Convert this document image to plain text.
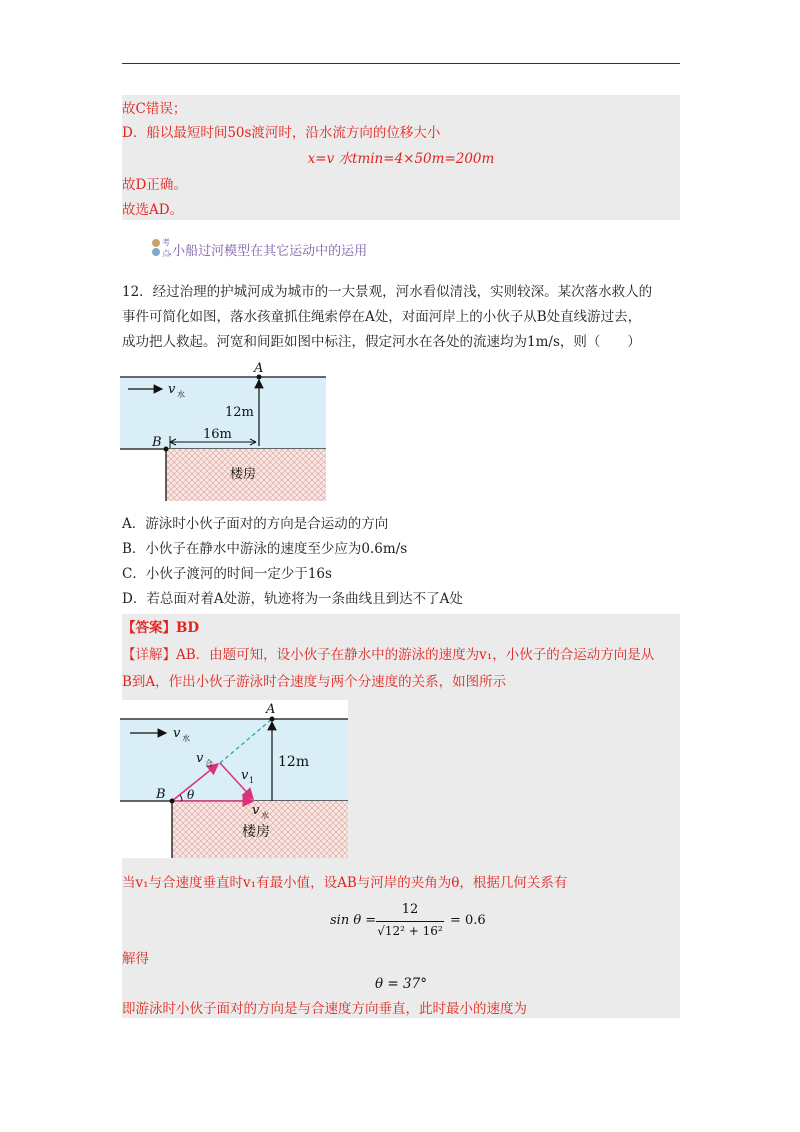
故C错误；
D．船以最短时间50s渡河时，沿水流方向的位移大小
x=v 水tmin=4×50m=200m
故D正确。
故选AD。
考
点
.小船过河模型在其它运动中的运用
12．经过治理的护城河成为城市的一大景观，河水看似清浅，实则较深。某次落水救人的
事件可简化如图，落水孩童抓住绳索停在A处，对面河岸上的小伙子从B处直线游过去，
成功把人救起。河宽和间距如图中标注，假定河水在各处的流速均为1m/s，则（　　）
A
B
v 水
12m
16m
楼房
A．游泳时小伙子面对的方向是合运动的方向
B．小伙子在静水中游泳的速度至少应为0.6m/s
C．小伙子渡河的时间一定少于16s
D．若总面对着A处游，轨迹将为一条曲线且到达不了A处
【答案】BD
【详解】AB．由题可知，设小伙子在静水中的游泳的速度为v₁，小伙子的合运动方向是从
B到A，作出小伙子游泳时合速度与两个分速度的关系，如图所示
A
B
v 水
v 合
v 1
θ
v 水
12m
楼房
当v₁与合速度垂直时v₁有最小值，设AB与河岸的夹角为θ，根据几何关系有
sin θ =
12
√12² + 16²
= 0.6
解得
θ = 37°
即游泳时小伙子面对的方向是与合速度方向垂直，此时最小的速度为
